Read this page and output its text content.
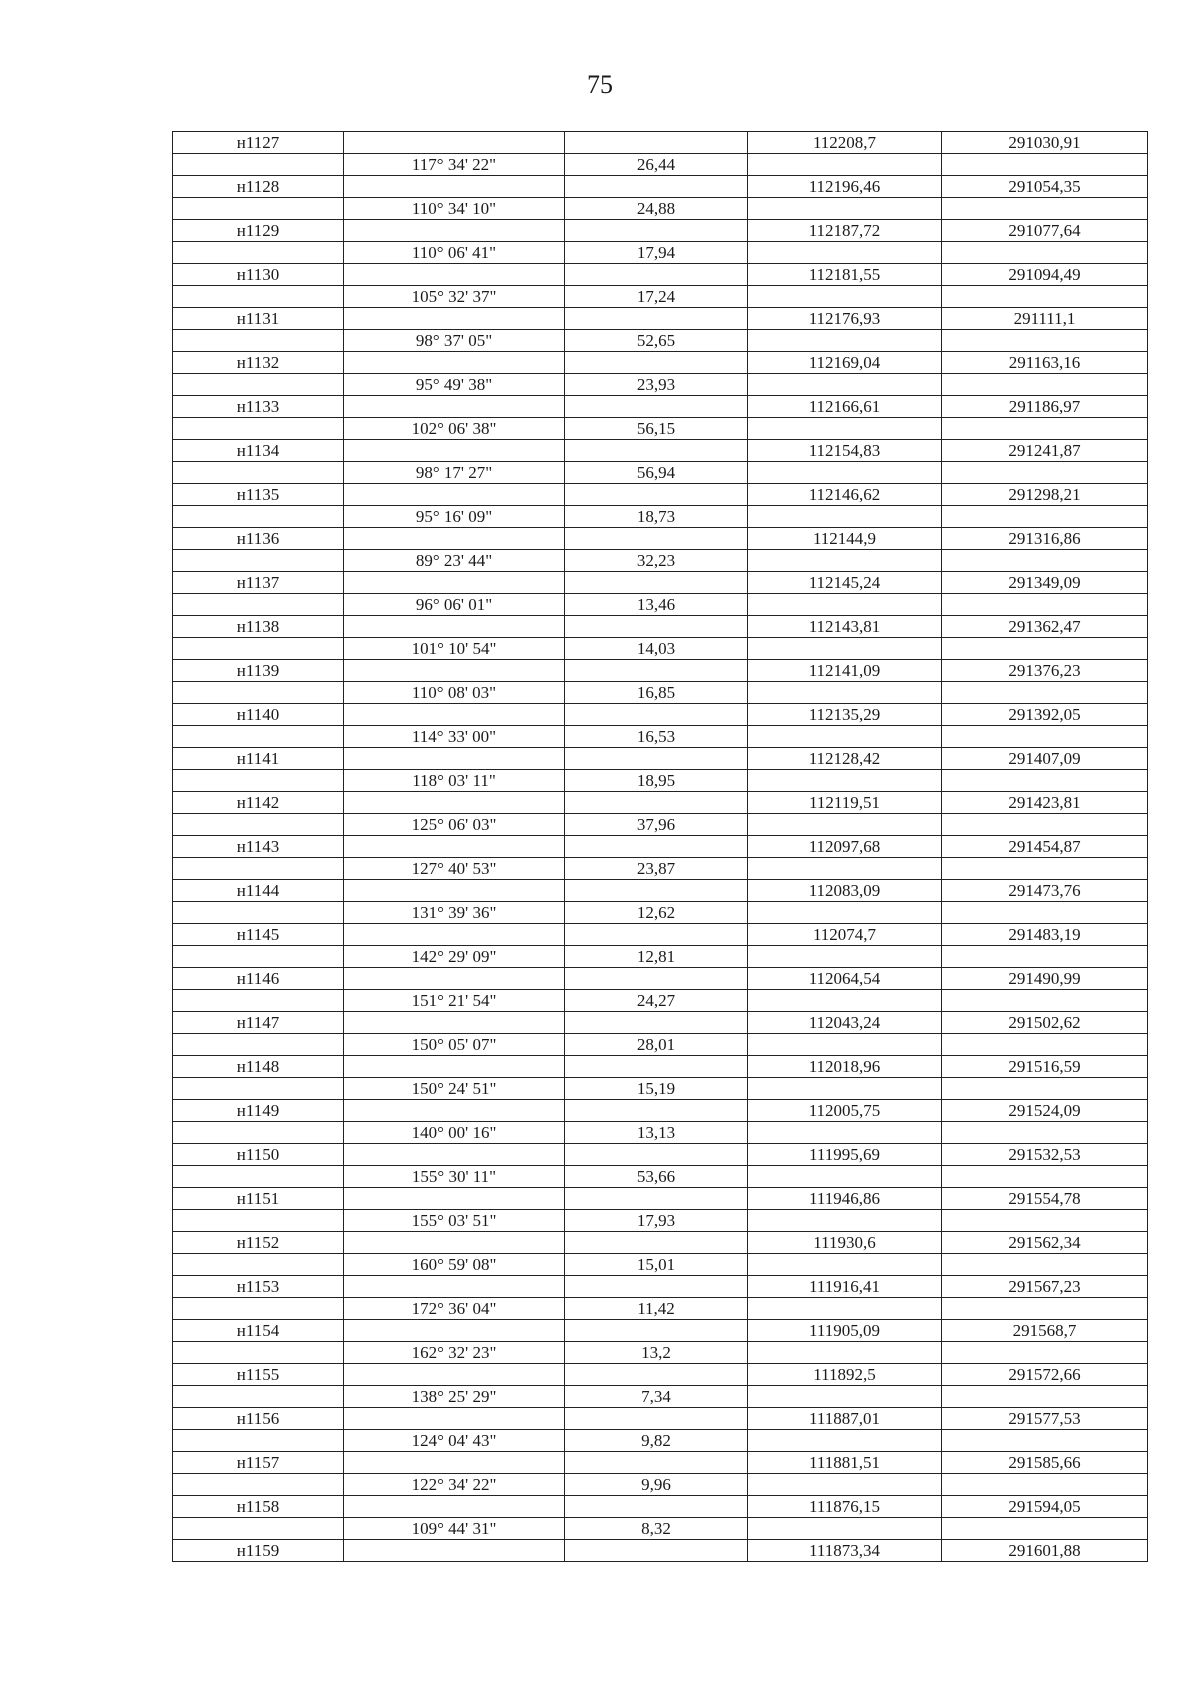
75
н1127			112208,7	291030,91
	117° 34' 22"	26,44		
н1128			112196,46	291054,35
	110° 34' 10"	24,88		
н1129			112187,72	291077,64
	110° 06' 41"	17,94		
н1130			112181,55	291094,49
	105° 32' 37"	17,24		
н1131			112176,93	291111,1
	98° 37' 05"	52,65		
н1132			112169,04	291163,16
	95° 49' 38"	23,93		
н1133			112166,61	291186,97
	102° 06' 38"	56,15		
н1134			112154,83	291241,87
	98° 17' 27"	56,94		
н1135			112146,62	291298,21
	95° 16' 09"	18,73		
н1136			112144,9	291316,86
	89° 23' 44"	32,23		
н1137			112145,24	291349,09
	96° 06' 01"	13,46		
н1138			112143,81	291362,47
	101° 10' 54"	14,03		
н1139			112141,09	291376,23
	110° 08' 03"	16,85		
н1140			112135,29	291392,05
	114° 33' 00"	16,53		
н1141			112128,42	291407,09
	118° 03' 11"	18,95		
н1142			112119,51	291423,81
	125° 06' 03"	37,96		
н1143			112097,68	291454,87
	127° 40' 53"	23,87		
н1144			112083,09	291473,76
	131° 39' 36"	12,62		
н1145			112074,7	291483,19
	142° 29' 09"	12,81		
н1146			112064,54	291490,99
	151° 21' 54"	24,27		
н1147			112043,24	291502,62
	150° 05' 07"	28,01		
н1148			112018,96	291516,59
	150° 24' 51"	15,19		
н1149			112005,75	291524,09
	140° 00' 16"	13,13		
н1150			111995,69	291532,53
	155° 30' 11"	53,66		
н1151			111946,86	291554,78
	155° 03' 51"	17,93		
н1152			111930,6	291562,34
	160° 59' 08"	15,01		
н1153			111916,41	291567,23
	172° 36' 04"	11,42		
н1154			111905,09	291568,7
	162° 32' 23"	13,2		
н1155			111892,5	291572,66
	138° 25' 29"	7,34		
н1156			111887,01	291577,53
	124° 04' 43"	9,82		
н1157			111881,51	291585,66
	122° 34' 22"	9,96		
н1158			111876,15	291594,05
	109° 44' 31"	8,32		
н1159			111873,34	291601,88
